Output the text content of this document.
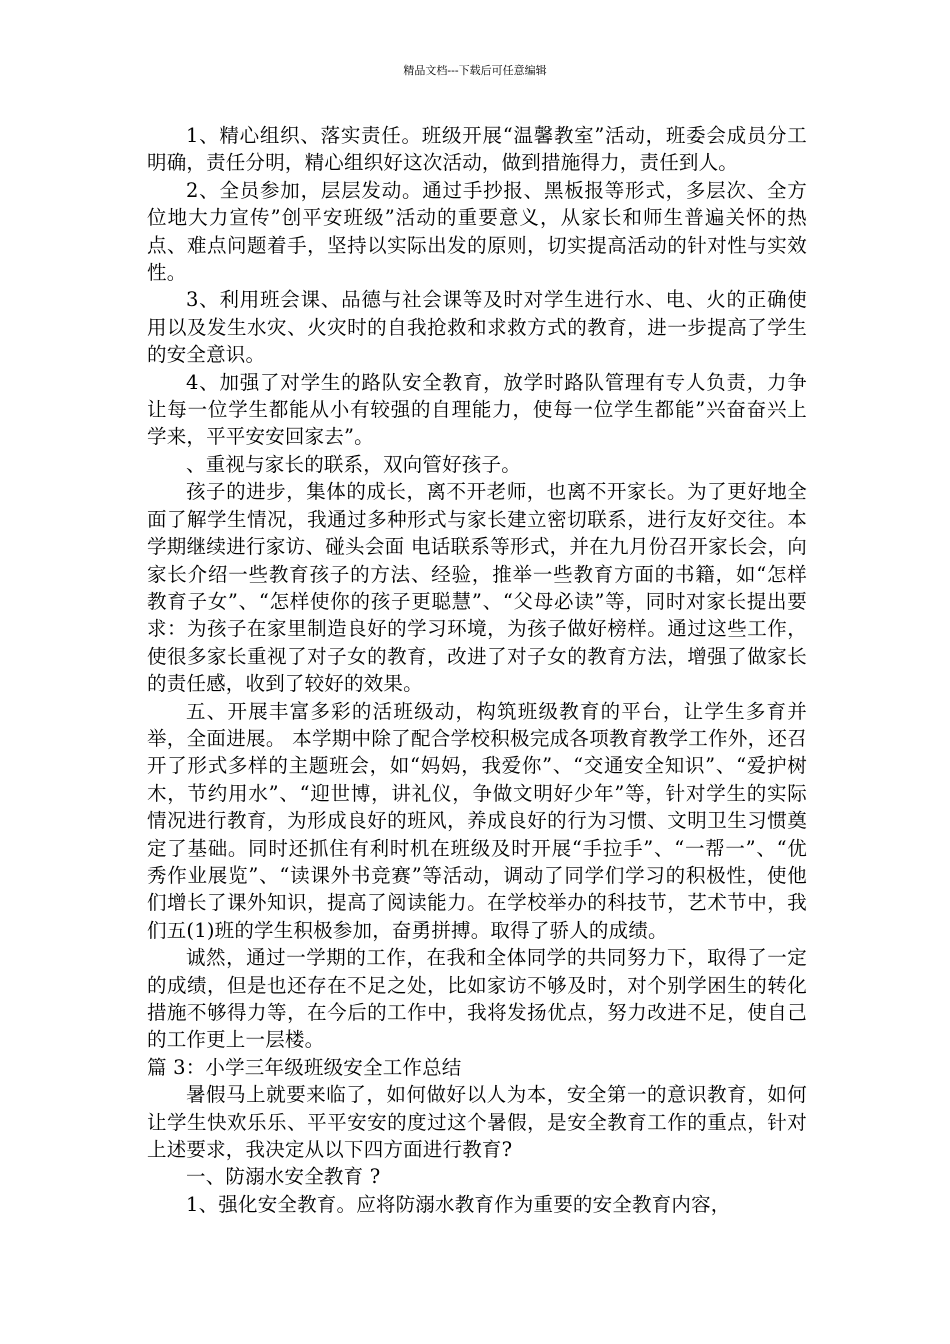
精品文档---下载后可任意编辑

1、精心组织、落实责任。班级开展“温馨教室”活动，班委会成员分工明确，责任分明，精心组织好这次活动，做到措施得力，责任到人。

2、全员参加，层层发动。通过手抄报、黑板报等形式，多层次、全方位地大力宣传”创平安班级”活动的重要意义，从家长和师生普遍关怀的热点、难点问题着手，坚持以实际出发的原则，切实提高活动的针对性与实效性。

3、利用班会课、品德与社会课等及时对学生进行水、电、火的正确使用以及发生水灾、火灾时的自我抢救和求救方式的教育，进一步提高了学生的安全意识。

4、加强了对学生的路队安全教育，放学时路队管理有专人负责，力争让每一位学生都能从小有较强的自理能力，使每一位学生都能”兴奋奋兴上学来，平平安安回家去”。

、重视与家长的联系，双向管好孩子。

孩子的进步，集体的成长，离不开老师，也离不开家长。为了更好地全面了解学生情况，我通过多种形式与家长建立密切联系，进行友好交往。本学期继续进行家访、碰头会面 电话联系等形式，并在九月份召开家长会，向家长介绍一些教育孩子的方法、经验，推举一些教育方面的书籍，如“怎样教育子女”、“怎样使你的孩子更聪慧”、“父母必读”等，同时对家长提出要求：为孩子在家里制造良好的学习环境，为孩子做好榜样。通过这些工作，使很多家长重视了对子女的教育，改进了对子女的教育方法，增强了做家长的责任感，收到了较好的效果。

五、开展丰富多彩的活班级动，构筑班级教育的平台，让学生多育并举，全面进展。 本学期中除了配合学校积极完成各项教育教学工作外，还召开了形式多样的主题班会，如“妈妈，我爱你”、“交通安全知识”、“爱护树木，节约用水”、“迎世博，讲礼仪，争做文明好少年”等，针对学生的实际情况进行教育，为形成良好的班风，养成良好的行为习惯、文明卫生习惯奠定了基础。同时还抓住有利时机在班级及时开展“手拉手”、“一帮一”、“优秀作业展览”、“读课外书竞赛”等活动，调动了同学们学习的积极性，使他们增长了课外知识，提高了阅读能力。在学校举办的科技节，艺术节中，我们五(1)班的学生积极参加，奋勇拼搏。取得了骄人的成绩。

诚然，通过一学期的工作，在我和全体同学的共同努力下，取得了一定的成绩，但是也还存在不足之处，比如家访不够及时，对个别学困生的转化措施不够得力等，在今后的工作中，我将发扬优点，努力改进不足，使自己的工作更上一层楼。

篇 3：小学三年级班级安全工作总结

暑假马上就要来临了，如何做好以人为本，安全第一的意识教育，如何让学生快欢乐乐、平平安安的度过这个暑假，是安全教育工作的重点，针对上述要求，我决定从以下四方面进行教育?

一、防溺水安全教育 ?

1、强化安全教育。应将防溺水教育作为重要的安全教育内容，
